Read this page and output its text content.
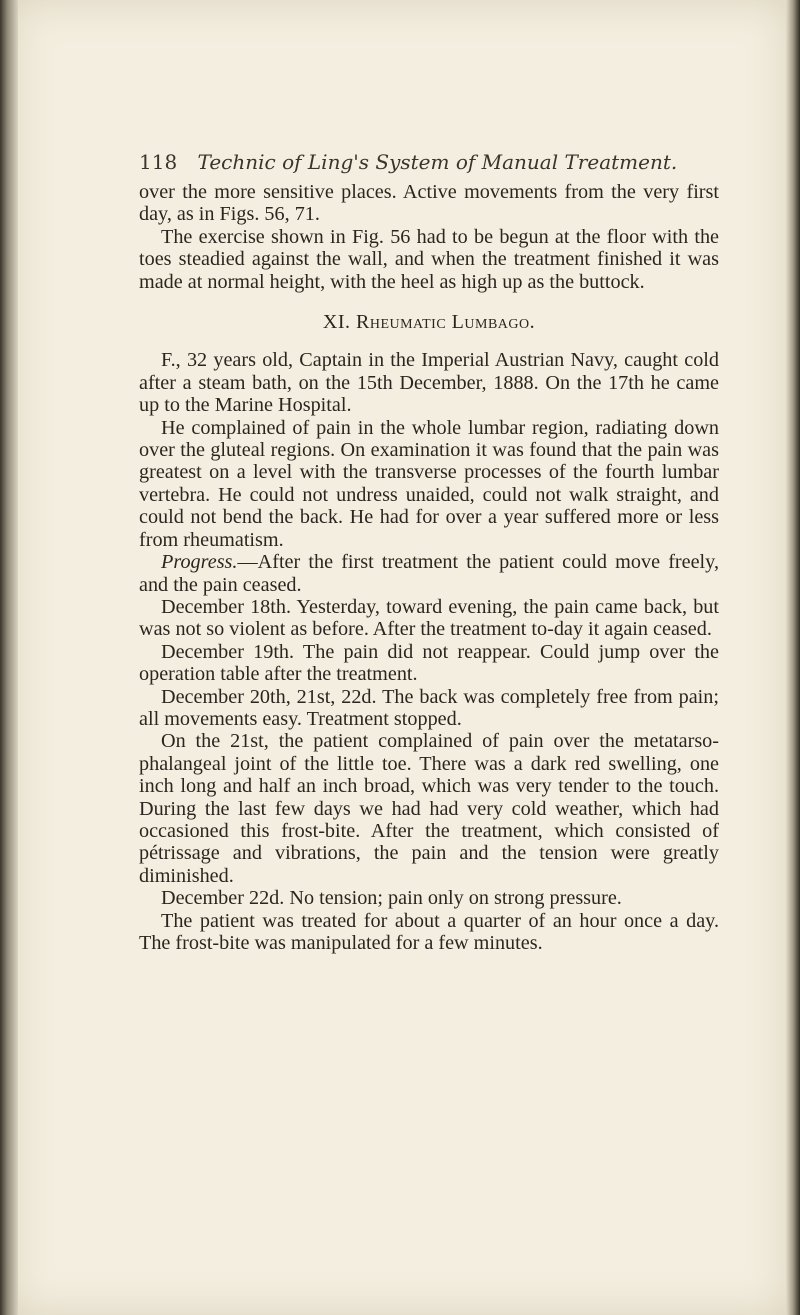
118 Technic of Ling's System of Manual Treatment.

over the more sensitive places. Active movements from the very first day, as in Figs. 56, 71.

The exercise shown in Fig. 56 had to be begun at the floor with the toes steadied against the wall, and when the treatment finished it was made at normal height, with the heel as high up as the buttock.

XI. Rheumatic Lumbago.

F., 32 years old, Captain in the Imperial Austrian Navy, caught cold after a steam bath, on the 15th December, 1888. On the 17th he came up to the Marine Hospital.

He complained of pain in the whole lumbar region, radiating down over the gluteal regions. On examination it was found that the pain was greatest on a level with the transverse processes of the fourth lumbar vertebra. He could not undress unaided, could not walk straight, and could not bend the back. He had for over a year suffered more or less from rheumatism.

Progress.—After the first treatment the patient could move freely, and the pain ceased.

December 18th. Yesterday, toward evening, the pain came back, but was not so violent as before. After the treatment to-day it again ceased.

December 19th. The pain did not reappear. Could jump over the operation table after the treatment.

December 20th, 21st, 22d. The back was completely free from pain; all movements easy. Treatment stopped.

On the 21st, the patient complained of pain over the metatarso-phalangeal joint of the little toe. There was a dark red swelling, one inch long and half an inch broad, which was very tender to the touch. During the last few days we had had very cold weather, which had occasioned this frost-bite. After the treatment, which consisted of pétrissage and vibrations, the pain and the tension were greatly diminished.

December 22d. No tension; pain only on strong pressure.

The patient was treated for about a quarter of an hour once a day. The frost-bite was manipulated for a few minutes.
